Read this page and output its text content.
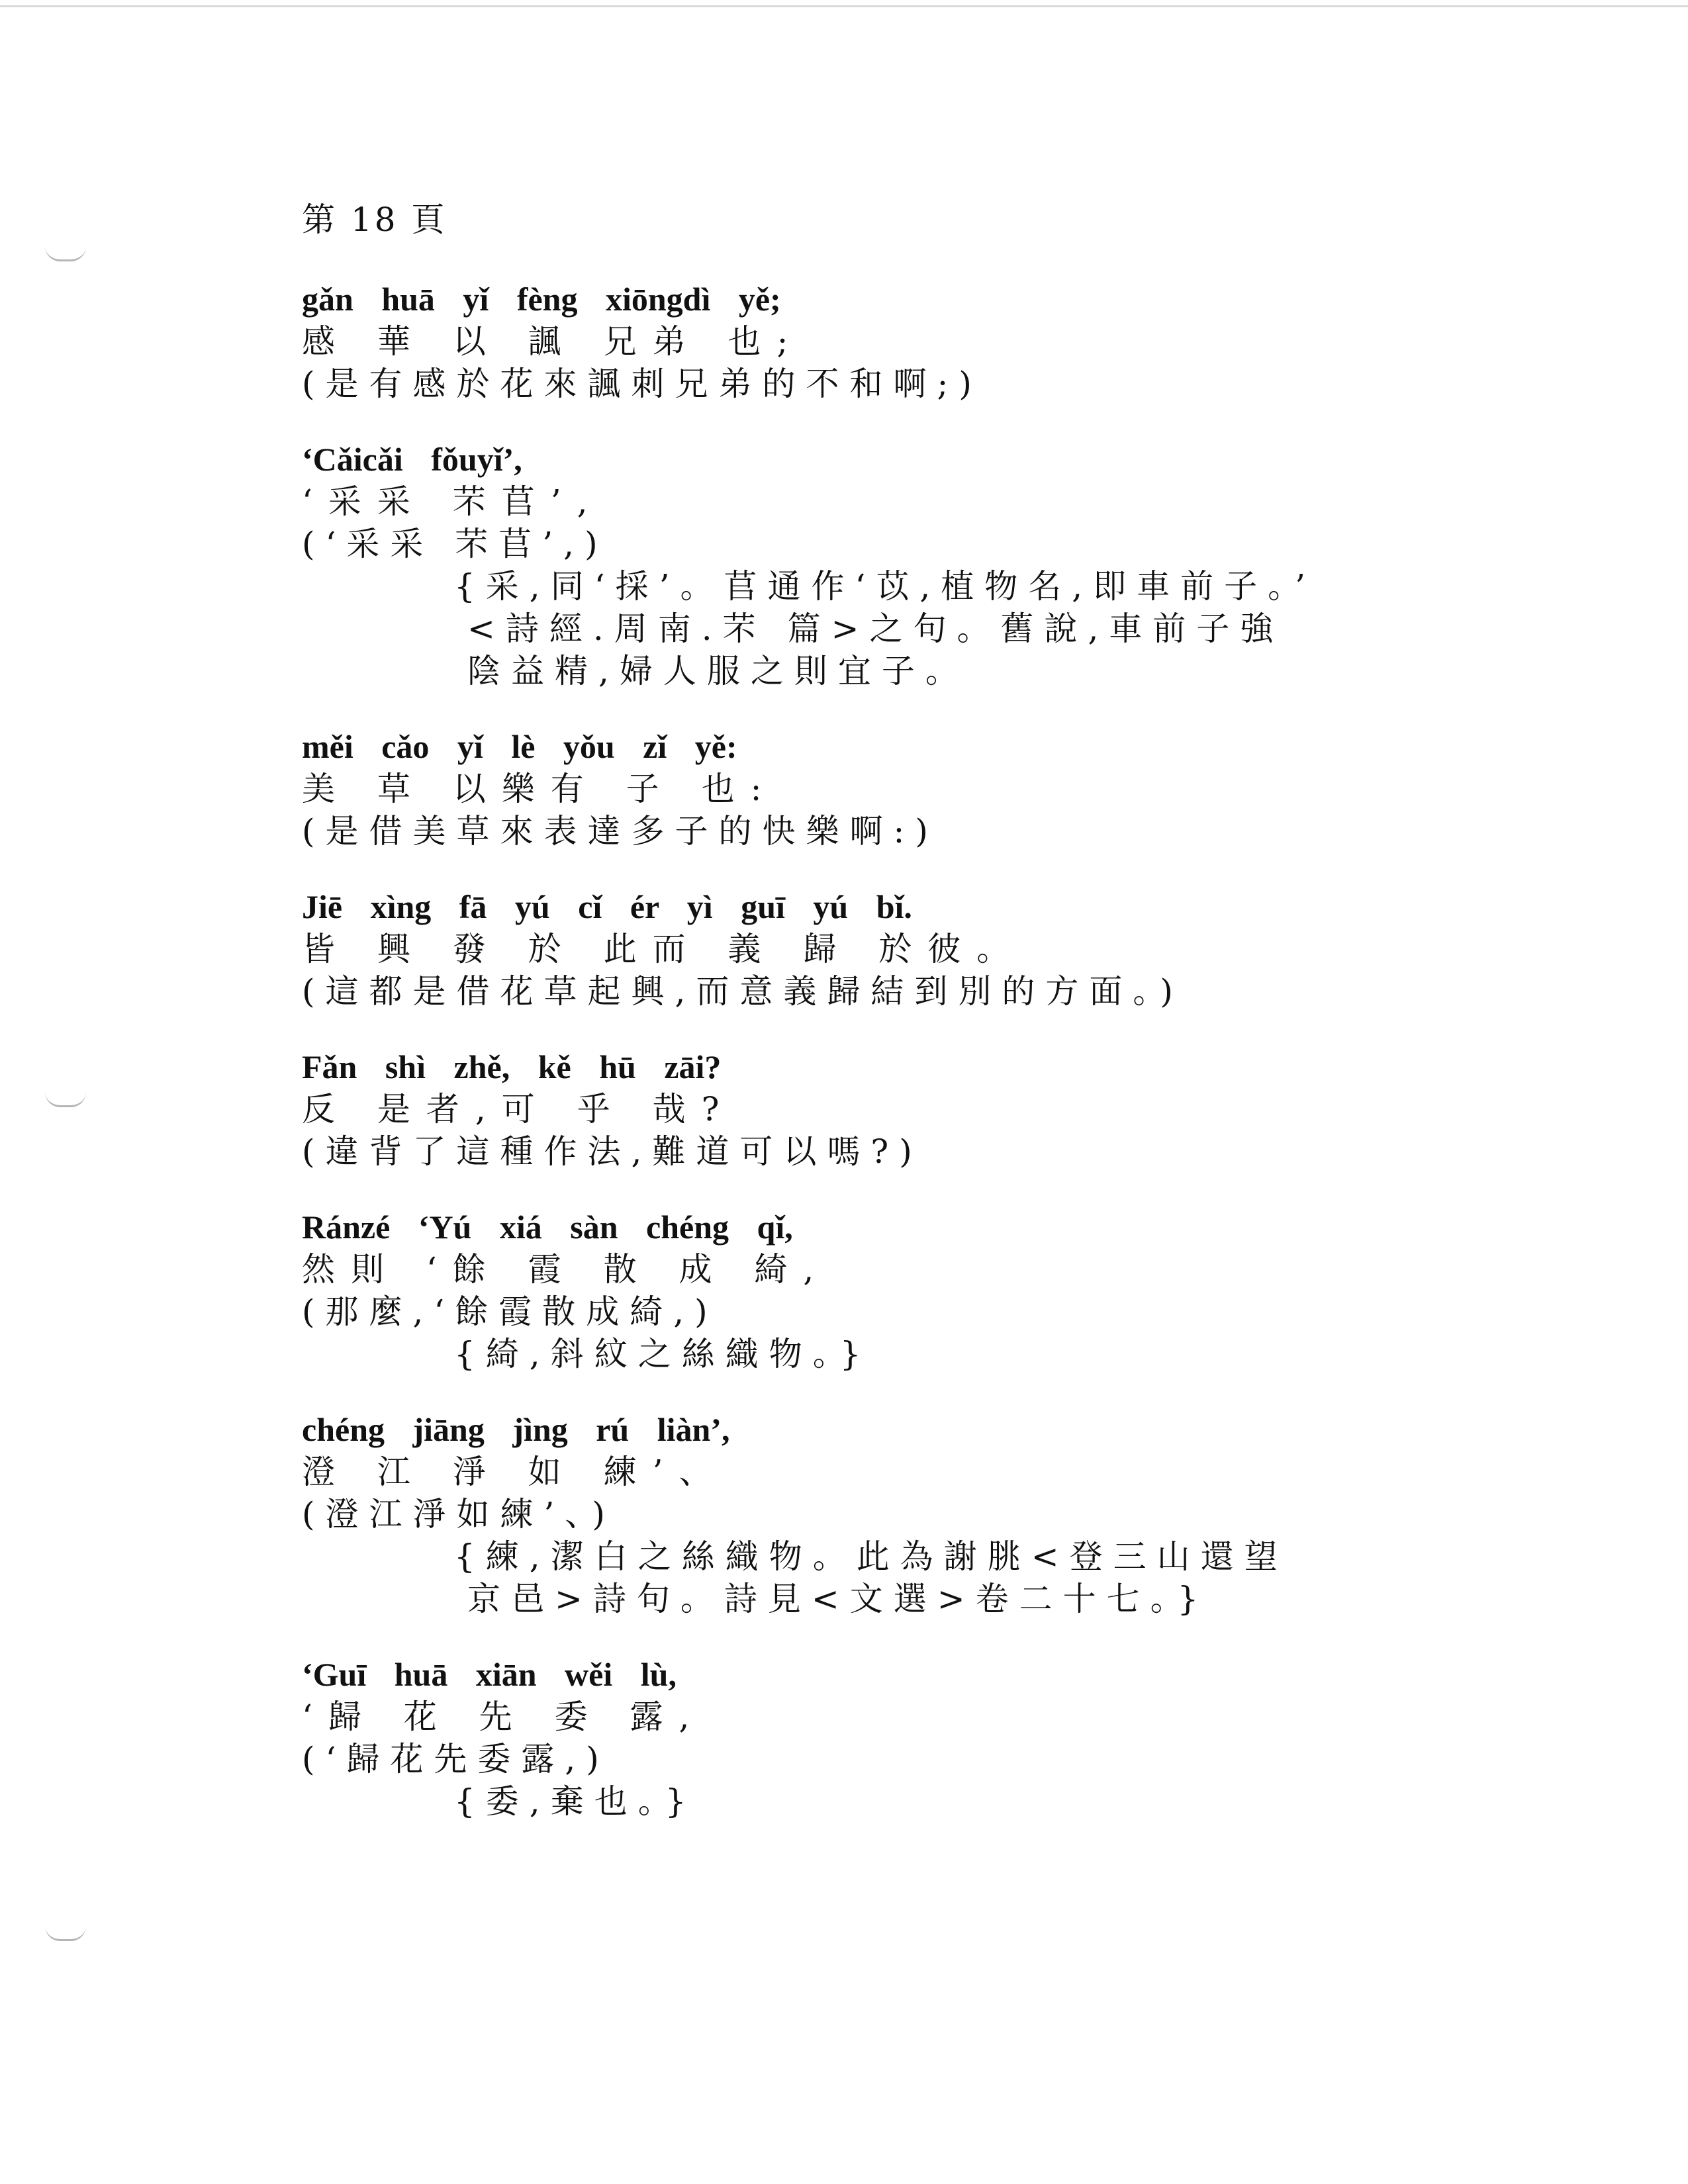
第 18 頁
gǎn huā yǐ fèng xiōngdì yě;
感 華 以 諷 兄弟 也;
(是有感於花來諷刺兄弟的不和啊;)
‘Cǎicǎi fǒuyǐ’,
‘采采 芣苢’,
(‘采采 芣苢’,)
{采,同‘採’。苢通作‘苡,植物名,即車前子。’
<詩經.周南.芣 篇>之句。舊說,車前子強
陰益精,婦人服之則宜子。
měi cǎo yǐ lè yǒu zǐ yě:
美 草 以樂有 子 也:
(是借美草來表達多子的快樂啊:)
Jiē xìng fā yú cǐ ér yì guī yú bǐ.
皆 興 發 於 此而 義 歸 於彼。
(這都是借花草起興,而意義歸結到別的方面。)
Fǎn shì zhě, kě hū zāi?
反 是者,可 乎 哉?
(違背了這種作法,難道可以嗎?)
Ránzé ‘Yú xiá sàn chéng qǐ,
然則 ‘餘 霞 散 成 綺,
(那麼,‘餘霞散成綺,)
{綺,斜紋之絲織物。}
chéng jiāng jìng rú liàn’,
澄 江 淨 如 練’、
(澄江淨如練’、)
{練,潔白之絲織物。此為謝朓<登三山還望
京邑>詩句。詩見<文選>卷二十七。}
‘Guī huā xiān wěi lù,
‘歸 花 先 委 露,
(‘歸花先委露,)
{委,棄也。}
